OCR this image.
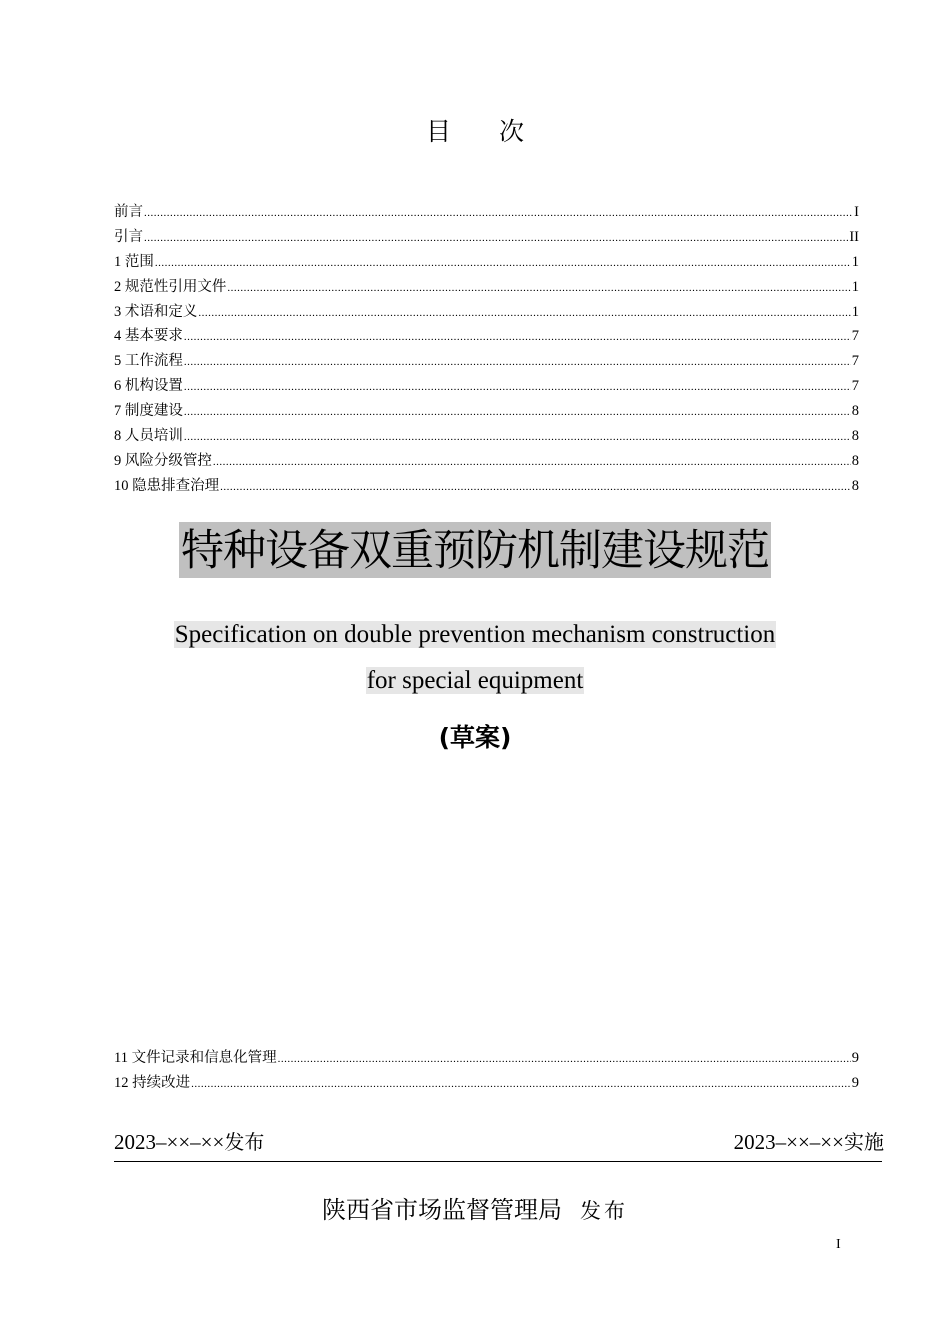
目 次
前言 .....	I
引言 .....	II
1 范围 .....	1
2 规范性引用文件 .....	1
3 术语和定义 .....	1
4 基本要求 .....	7
5 工作流程 .....	7
6 机构设置 .....	7
7 制度建设 .....	8
8 人员培训 .....	8
9 风险分级管控 .....	8
10 隐患排查治理 .....	8
特种设备双重预防机制建设规范
Specification on double prevention mechanism construction
for special equipment
(草案)
11 文件记录和信息化管理 .....	9
12 持续改进 .....	9
2023–××–××发布	2023–××–××实施
陕西省市场监督管理局 发布
I
